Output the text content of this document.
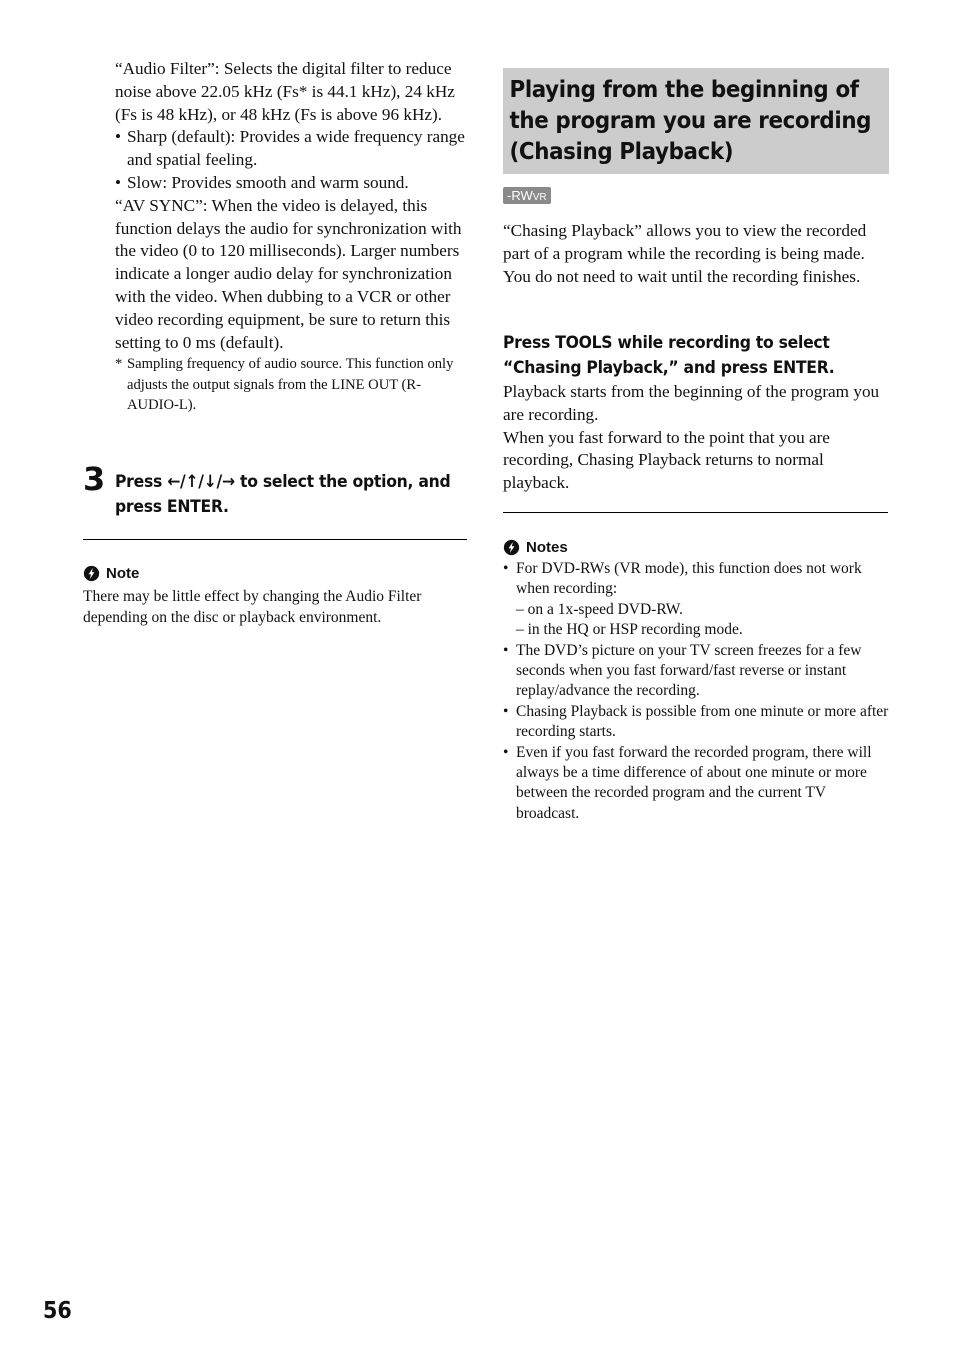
“Audio Filter”: Selects the digital filter to reduce noise above 22.05 kHz (Fs* is 44.1 kHz), 24 kHz (Fs is 48 kHz), or 48 kHz (Fs is above 96 kHz).

• Sharp (default): Provides a wide frequency range and spatial feeling.
• Slow: Provides smooth and warm sound.

“AV SYNC”: When the video is delayed, this function delays the audio for synchronization with the video (0 to 120 milliseconds). Larger numbers indicate a longer audio delay for synchronization with the video. When dubbing to a VCR or other video recording equipment, be sure to return this setting to 0 ms (default).

* Sampling frequency of audio source. This function only adjusts the output signals from the LINE OUT (R-AUDIO-L).
3 Press ←/↑/↓/→ to select the option, and press ENTER.
Note
There may be little effect by changing the Audio Filter depending on the disc or playback environment.
Playing from the beginning of the program you are recording (Chasing Playback)
-RWVR

“Chasing Playback” allows you to view the recorded part of a program while the recording is being made. You do not need to wait until the recording finishes.

Press TOOLS while recording to select “Chasing Playback,” and press ENTER.

Playback starts from the beginning of the program you are recording.

When you fast forward to the point that you are recording, Chasing Playback returns to normal playback.

Notes
• For DVD-RWs (VR mode), this function does not work when recording:
– on a 1x-speed DVD-RW.
– in the HQ or HSP recording mode.
• The DVD’s picture on your TV screen freezes for a few seconds when you fast forward/fast reverse or instant replay/advance the recording.
• Chasing Playback is possible from one minute or more after recording starts.
• Even if you fast forward the recorded program, there will always be a time difference of about one minute or more between the recorded program and the current TV broadcast.
56
